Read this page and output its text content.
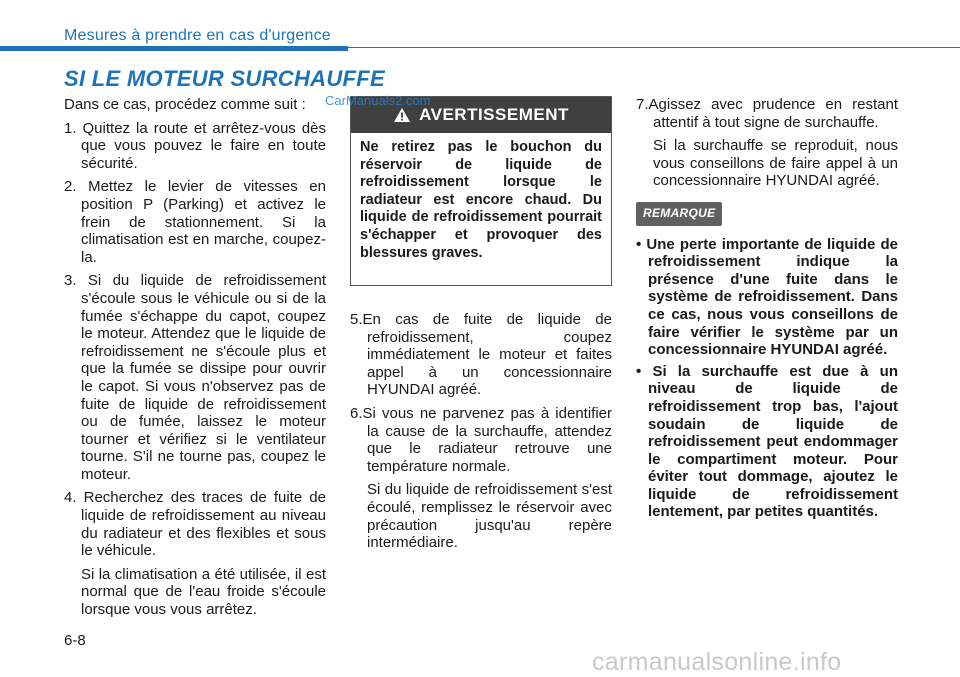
Mesures à prendre en cas d'urgence
SI LE MOTEUR SURCHAUFFE

Dans ce cas, procédez comme suit :

1. Quittez la route et arrêtez-vous dès que vous pouvez le faire en toute sécurité.

2. Mettez le levier de vitesses en position P (Parking) et activez le frein de stationnement. Si la climatisation est en marche, coupez-la.

3. Si du liquide de refroidissement s'écoule sous le véhicule ou si de la fumée s'échappe du capot, coupez le moteur. Attendez que le liquide de refroidissement ne s'écoule plus et que la fumée se dissipe pour ouvrir le capot. Si vous n'observez pas de fuite de liquide de refroidissement ou de fumée, laissez le moteur tourner et vérifiez si le ventilateur tourne. S'il ne tourne pas, coupez le moteur.

4. Recherchez des traces de fuite de liquide de refroidissement au niveau du radiateur et des flexibles et sous le véhicule.

Si la climatisation a été utilisée, il est normal que de l'eau froide s'écoule lorsque vous vous arrêtez.

AVERTISSEMENT
Ne retirez pas le bouchon du réservoir de liquide de refroidissement lorsque le radiateur est encore chaud. Du liquide de refroidissement pourrait s'échapper et provoquer des blessures graves.
CarManuals2.com

5.En cas de fuite de liquide de refroidissement, coupez immédiatement le moteur et faites appel à un concessionnaire HYUNDAI agréé.

6.Si vous ne parvenez pas à identifier la cause de la surchauffe, attendez que le radiateur retrouve une température normale.

Si du liquide de refroidissement s'est écoulé, remplissez le réservoir avec précaution jusqu'au repère intermédiaire.

7.Agissez avec prudence en restant attentif à tout signe de surchauffe.

Si la surchauffe se reproduit, nous vous conseillons de faire appel à un concessionnaire HYUNDAI agréé.

REMARQUE

• Une perte importante de liquide de refroidissement indique la présence d'une fuite dans le système de refroidissement. Dans ce cas, nous vous conseillons de faire vérifier le système par un concessionnaire HYUNDAI agréé.

• Si la surchauffe est due à un niveau de liquide de refroidissement trop bas, l'ajout soudain de liquide de refroidissement peut endommager le compartiment moteur. Pour éviter tout dommage, ajoutez le liquide de refroidissement lentement, par petites quantités.

6-8
carmanualsonline.info
